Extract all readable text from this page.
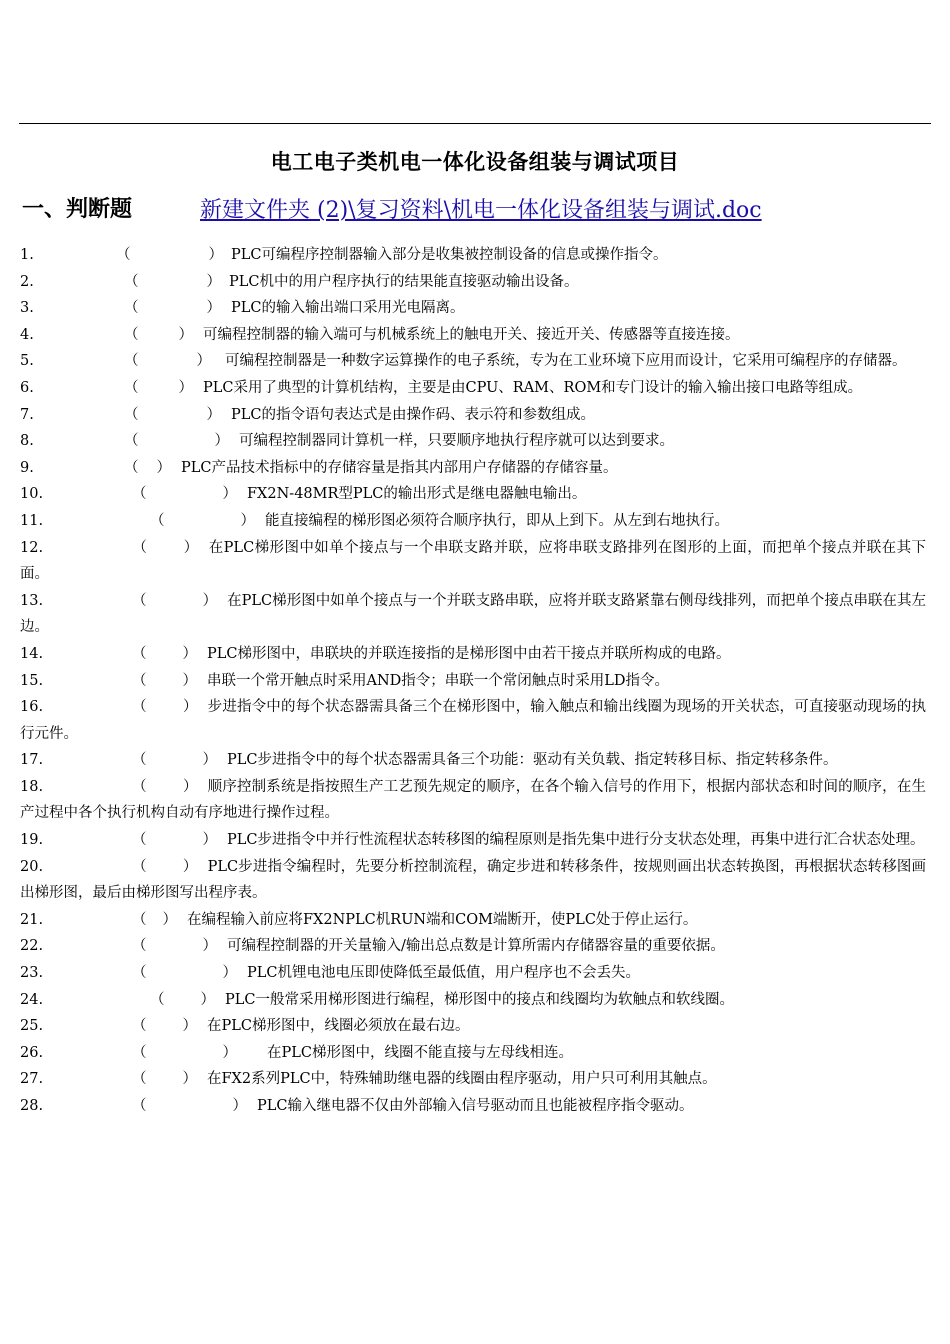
电工电子类机电一体化设备组装与调试项目
一、判断题	新建文件夹 (2)\复习资料\机电一体化设备组装与调试.doc
1.	（	） PLC可编程序控制器输入部分是收集被控制设备的信息或操作指令。
2.	（	） PLC机中的用户程序执行的结果能直接驱动输出设备。
3.	（	） PLC的输入输出端口采用光电隔离。
4.	（	） 可编程控制器的输入端可与机械系统上的触电开关、接近开关、传感器等直接连接。
5.	（	） 可编程控制器是一种数字运算操作的电子系统，专为在工业环境下应用而设计，它采用可编程序的存储器。
6.	（	） PLC采用了典型的计算机结构，主要是由CPU、RAM、ROM和专门设计的输入输出接口电路等组成。
7.	（	） PLC的指令语句表达式是由操作码、表示符和参数组成。
8.	（	） 可编程控制器同计算机一样，只要顺序地执行程序就可以达到要求。
9.	（ ） PLC产品技术指标中的存储容量是指其内部用户存储器的存储容量。
10.	（	） FX2N-48MR型PLC的输出形式是继电器触电输出。
11.	（	） 能直接编程的梯形图必须符合顺序执行，即从上到下。从左到右地执行。
12.	（ ） 在PLC梯形图中如单个接点与一个串联支路并联，应将串联支路排列在图形的上面，而把单个接点并联在其下面。
13.	（	） 在PLC梯形图中如单个接点与一个并联支路串联，应将并联支路紧靠右侧母线排列，而把单个接点串联在其左边。
14.	（ ） PLC梯形图中，串联块的并联连接指的是梯形图中由若干接点并联所构成的电路。
15.	（ ） 串联一个常开触点时采用AND指令；串联一个常闭触点时采用LD指令。
16.	（ ） 步进指令中的每个状态器需具备三个在梯形图中，输入触点和输出线圈为现场的开关状态，可直接驱动现场的执行元件。
17.	（	） PLC步进指令中的每个状态器需具备三个功能：驱动有关负载、指定转移目标、指定转移条件。
18.	（ ） 顺序控制系统是指按照生产工艺预先规定的顺序，在各个输入信号的作用下，根据内部状态和时间的顺序，在生产过程中各个执行机构自动有序地进行操作过程。
19.	（	） PLC步进指令中并行性流程状态转移图的编程原则是指先集中进行分支状态处理，再集中进行汇合状态处理。
20.	（ ） PLC步进指令编程时，先要分析控制流程，确定步进和转移条件，按规则画出状态转换图，再根据状态转移图画出梯形图，最后由梯形图写出程序表。
21.	（ ） 在编程输入前应将FX2NPLC机RUN端和COM端断开，使PLC处于停止运行。
22.	（	） 可编程控制器的开关量输入/输出总点数是计算所需内存储器容量的重要依据。
23.	（	） PLC机锂电池电压即使降低至最低值，用户程序也不会丢失。
24.	（ ） PLC一般常采用梯形图进行编程，梯形图中的接点和线圈均为软触点和软线圈。
25.	（ ） 在PLC梯形图中，线圈必须放在最右边。
26.	（	） 在PLC梯形图中，线圈不能直接与左母线相连。
27.	（ ） 在FX2系列PLC中，特殊辅助继电器的线圈由程序驱动，用户只可利用其触点。
28.	（	） PLC输入继电器不仅由外部输入信号驱动而且也能被程序指令驱动。
